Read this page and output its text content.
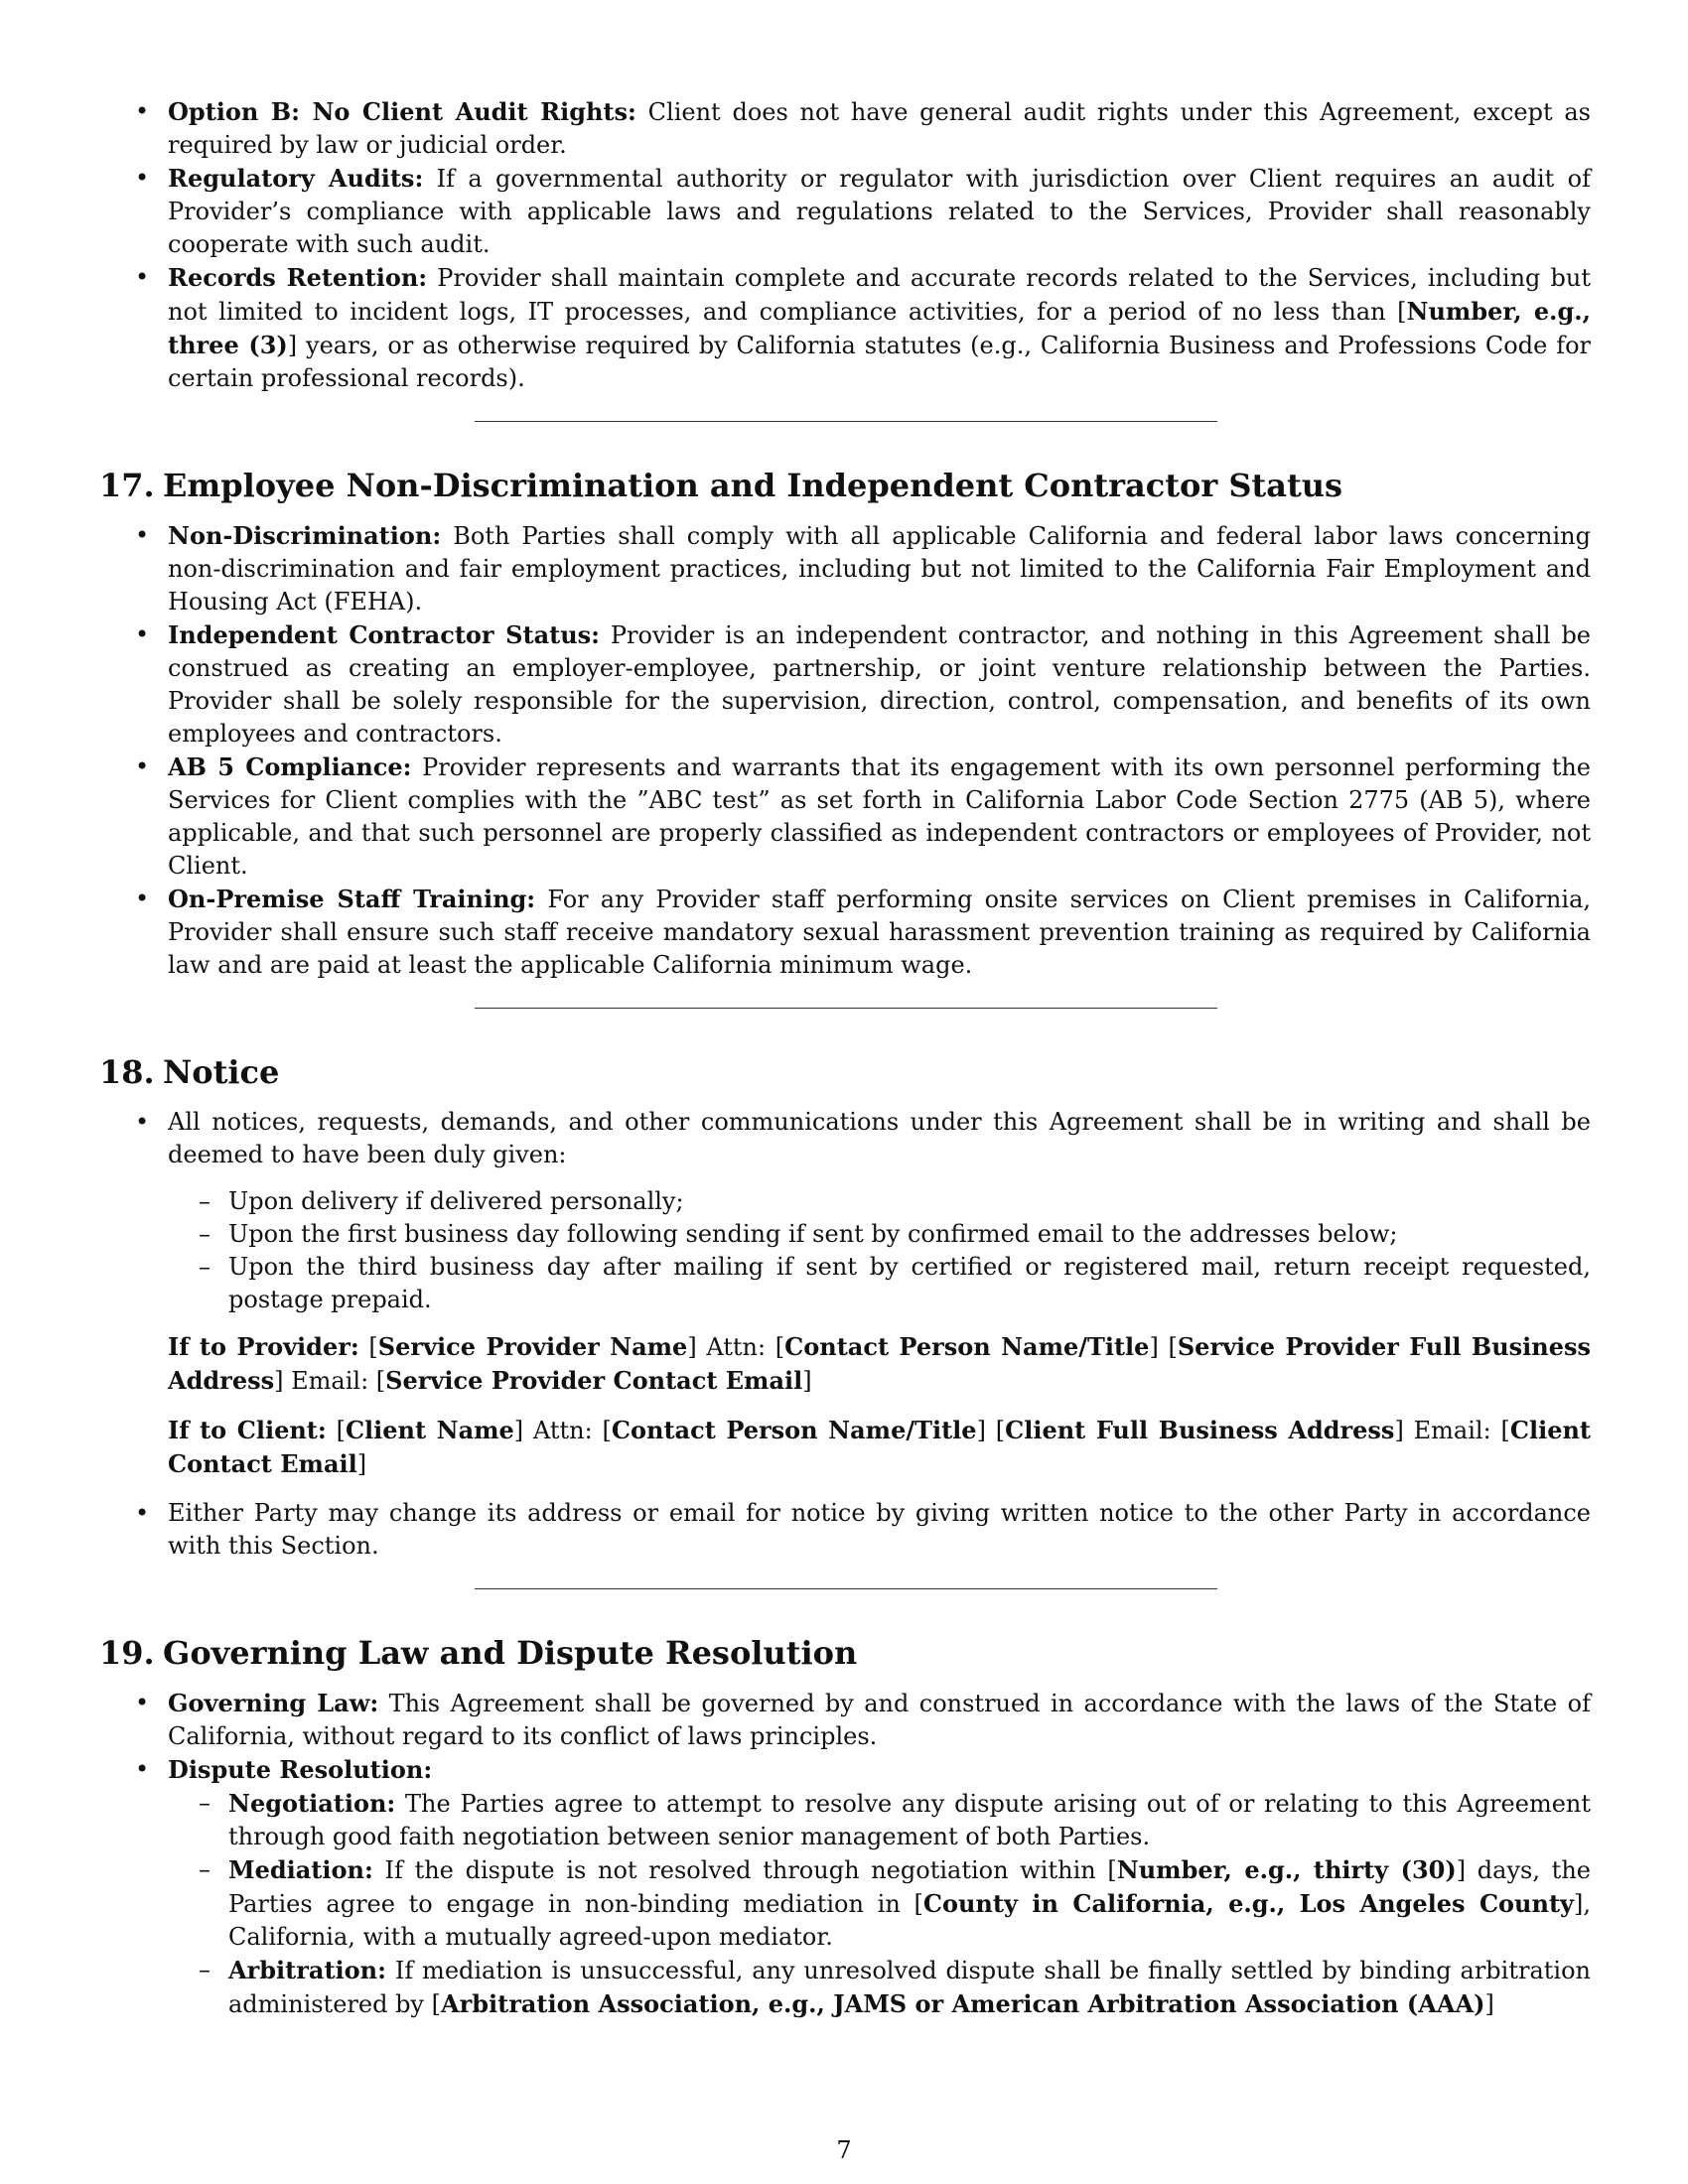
• Option B: No Client Audit Rights: Client does not have general audit rights under this Agreement, except as required by law or judicial order.
• Regulatory Audits: If a governmental authority or regulator with jurisdiction over Client requires an audit of Provider’s compliance with applicable laws and regulations related to the Services, Provider shall reasonably cooperate with such audit.
• Records Retention: Provider shall maintain complete and accurate records related to the Services, including but not limited to incident logs, IT processes, and compliance activities, for a period of no less than [Number, e.g., three (3)] years, or as otherwise required by California statutes (e.g., California Business and Professions Code for certain professional records).
17. Employee Non-Discrimination and Independent Contractor Status
• Non-Discrimination: Both Parties shall comply with all applicable California and federal labor laws concerning non-discrimination and fair employment practices, including but not limited to the California Fair Employment and Housing Act (FEHA).
• Independent Contractor Status: Provider is an independent contractor, and nothing in this Agreement shall be construed as creating an employer-employee, partnership, or joint venture relationship between the Parties. Provider shall be solely responsible for the supervision, direction, control, compensation, and benefits of its own employees and contractors.
• AB 5 Compliance: Provider represents and warrants that its engagement with its own personnel performing the Services for Client complies with the ”ABC test” as set forth in California Labor Code Section 2775 (AB 5), where applicable, and that such personnel are properly classified as independent contractors or employees of Provider, not Client.
• On-Premise Staff Training: For any Provider staff performing onsite services on Client premises in California, Provider shall ensure such staff receive mandatory sexual harassment prevention training as required by California law and are paid at least the applicable California minimum wage.
18. Notice
• All notices, requests, demands, and other communications under this Agreement shall be in writing and shall be deemed to have been duly given:
– Upon delivery if delivered personally;
– Upon the first business day following sending if sent by confirmed email to the addresses below;
– Upon the third business day after mailing if sent by certified or registered mail, return receipt requested, postage prepaid.
If to Provider: [Service Provider Name] Attn: [Contact Person Name/Title] [Service Provider Full Business Address] Email: [Service Provider Contact Email]
If to Client: [Client Name] Attn: [Contact Person Name/Title] [Client Full Business Address] Email: [Client Contact Email]
• Either Party may change its address or email for notice by giving written notice to the other Party in accordance with this Section.
19. Governing Law and Dispute Resolution
• Governing Law: This Agreement shall be governed by and construed in accordance with the laws of the State of California, without regard to its conflict of laws principles.
• Dispute Resolution:
– Negotiation: The Parties agree to attempt to resolve any dispute arising out of or relating to this Agreement through good faith negotiation between senior management of both Parties.
– Mediation: If the dispute is not resolved through negotiation within [Number, e.g., thirty (30)] days, the Parties agree to engage in non-binding mediation in [County in California, e.g., Los Angeles County], California, with a mutually agreed-upon mediator.
– Arbitration: If mediation is unsuccessful, any unresolved dispute shall be finally settled by binding arbitration administered by [Arbitration Association, e.g., JAMS or American Arbitration Association (AAA)]
7
